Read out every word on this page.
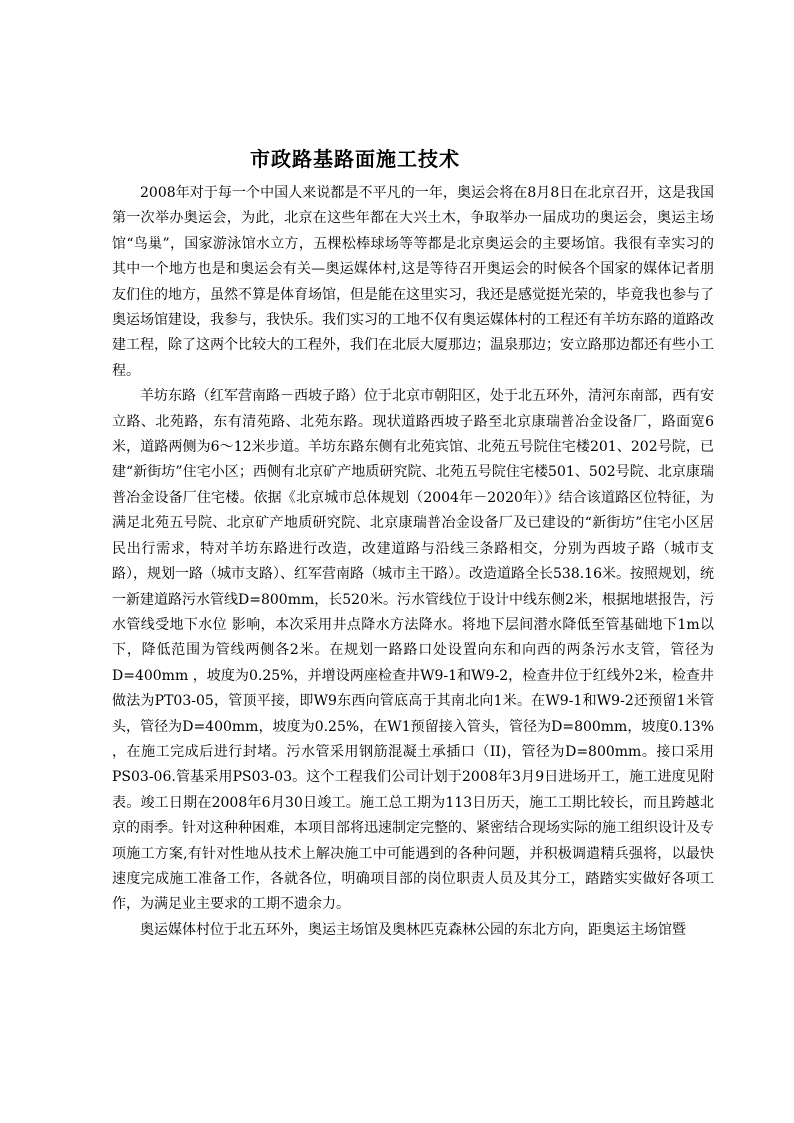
市政路基路面施工技术

2008年对于每一个中国人来说都是不平凡的一年，奥运会将在8月8日在北京召开，这是我国第一次举办奥运会，为此，北京在这些年都在大兴土木，争取举办一届成功的奥运会，奥运主场馆“鸟巢”，国家游泳馆水立方，五棵松棒球场等等都是北京奥运会的主要场馆。我很有幸实习的其中一个地方也是和奥运会有关—奥运媒体村,这是等待召开奥运会的时候各个国家的媒体记者朋友们住的地方，虽然不算是体育场馆，但是能在这里实习，我还是感觉挺光荣的，毕竟我也参与了奥运场馆建设，我参与，我快乐。我们实习的工地不仅有奥运媒体村的工程还有羊坊东路的道路改建工程，除了这两个比较大的工程外，我们在北辰大厦那边；温泉那边；安立路那边都还有些小工程。

羊坊东路（红军营南路－西坡子路）位于北京市朝阳区，处于北五环外，清河东南部，西有安立路、北苑路，东有清苑路、北苑东路。现状道路西坡子路至北京康瑞普冶金设备厂，路面宽6米，道路两侧为6～12米步道。羊坊东路东侧有北苑宾馆、北苑五号院住宅楼201、202号院，已建“新街坊”住宅小区；西侧有北京矿产地质研究院、北苑五号院住宅楼501、502号院、北京康瑞普冶金设备厂住宅楼。依据《北京城市总体规划（2004年－2020年）》结合该道路区位特征，为满足北苑五号院、北京矿产地质研究院、北京康瑞普冶金设备厂及已建设的“新街坊”住宅小区居民出行需求，特对羊坊东路进行改造，改建道路与沿线三条路相交，分别为西坡子路（城市支路），规划一路（城市支路）、红军营南路（城市主干路）。改造道路全长538.16米。按照规划，统一新建道路污水管线D=800mm，长520米。污水管线位于设计中线东侧2米，根据地堪报告，污水管线受地下水位 影响，本次采用井点降水方法降水。将地下层间潜水降低至管基础地下1m以下，降低范围为管线两侧各2米。在规划一路路口处设置向东和向西的两条污水支管，管径为D=400mm ，坡度为0.25%，并增设两座检查井W9-1和W9-2，检查井位于红线外2米，检查井做法为PT03-05，管顶平接，即W9东西向管底高于其南北向1米。在W9-1和W9-2还预留1米管头，管径为D=400mm，坡度为0.25%，在W1预留接入管头，管径为D=800mm，坡度0.13% ，在施工完成后进行封堵。污水管采用钢筋混凝土承插口（II)，管径为D=800mm。接口采用PS03-06.管基采用PS03-03。这个工程我们公司计划于2008年3月9日进场开工，施工进度见附表。竣工日期在2008年6月30日竣工。施工总工期为113日历天，施工工期比较长，而且跨越北京的雨季。针对这种种困难，本项目部将迅速制定完整的、紧密结合现场实际的施工组织设计及专项施工方案,有针对性地从技术上解决施工中可能遇到的各种问题，并积极调遣精兵强将，以最快速度完成施工准备工作，各就各位，明确项目部的岗位职责人员及其分工，踏踏实实做好各项工作，为满足业主要求的工期不遗余力。

奥运媒体村位于北五环外，奥运主场馆及奥林匹克森林公园的东北方向，距奥运主场馆暨
